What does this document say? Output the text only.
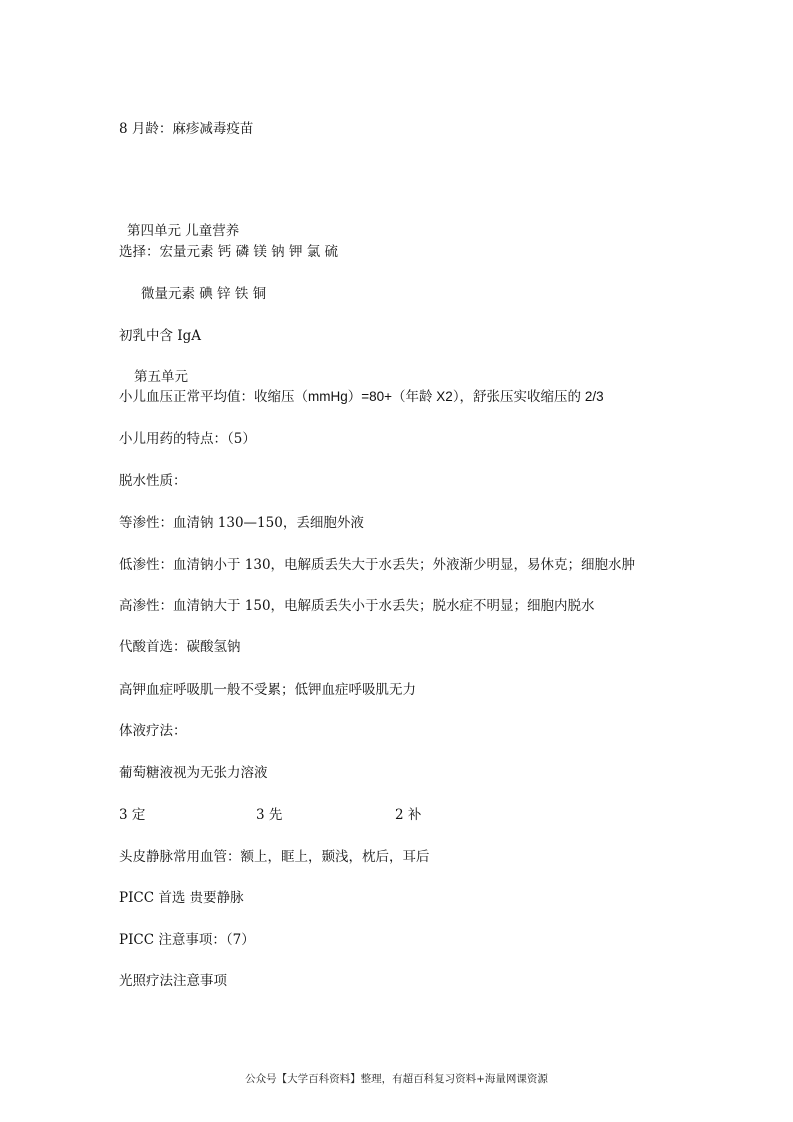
8 月龄：麻疹减毒疫苗
第四单元 儿童营养
选择：宏量元素 钙 磷 镁 钠 钾 氯 硫
微量元素 碘 锌 铁 铜
初乳中含 IgA
第五单元
小儿血压正常平均值：收缩压（mmHg）=80+（年龄 X2），舒张压实收缩压的 2/3
小儿用药的特点：（5）
脱水性质：
等渗性：血清钠 130—150，丢细胞外液
低渗性：血清钠小于 130，电解质丢失大于水丢失；外液渐少明显，易休克；细胞水肿
高渗性：血清钠大于 150，电解质丢失小于水丢失；脱水症不明显；细胞内脱水
代酸首选：碳酸氢钠
高钾血症呼吸肌一般不受累；低钾血症呼吸肌无力
体液疗法：
葡萄糖液视为无张力溶液
3 定	3 先	2 补
头皮静脉常用血管：额上，眶上，颞浅，枕后，耳后
PICC 首选 贵要静脉
PICC 注意事项：（7）
光照疗法注意事项
公众号【大学百科资料】整理，有超百科复习资料+海量网课资源
